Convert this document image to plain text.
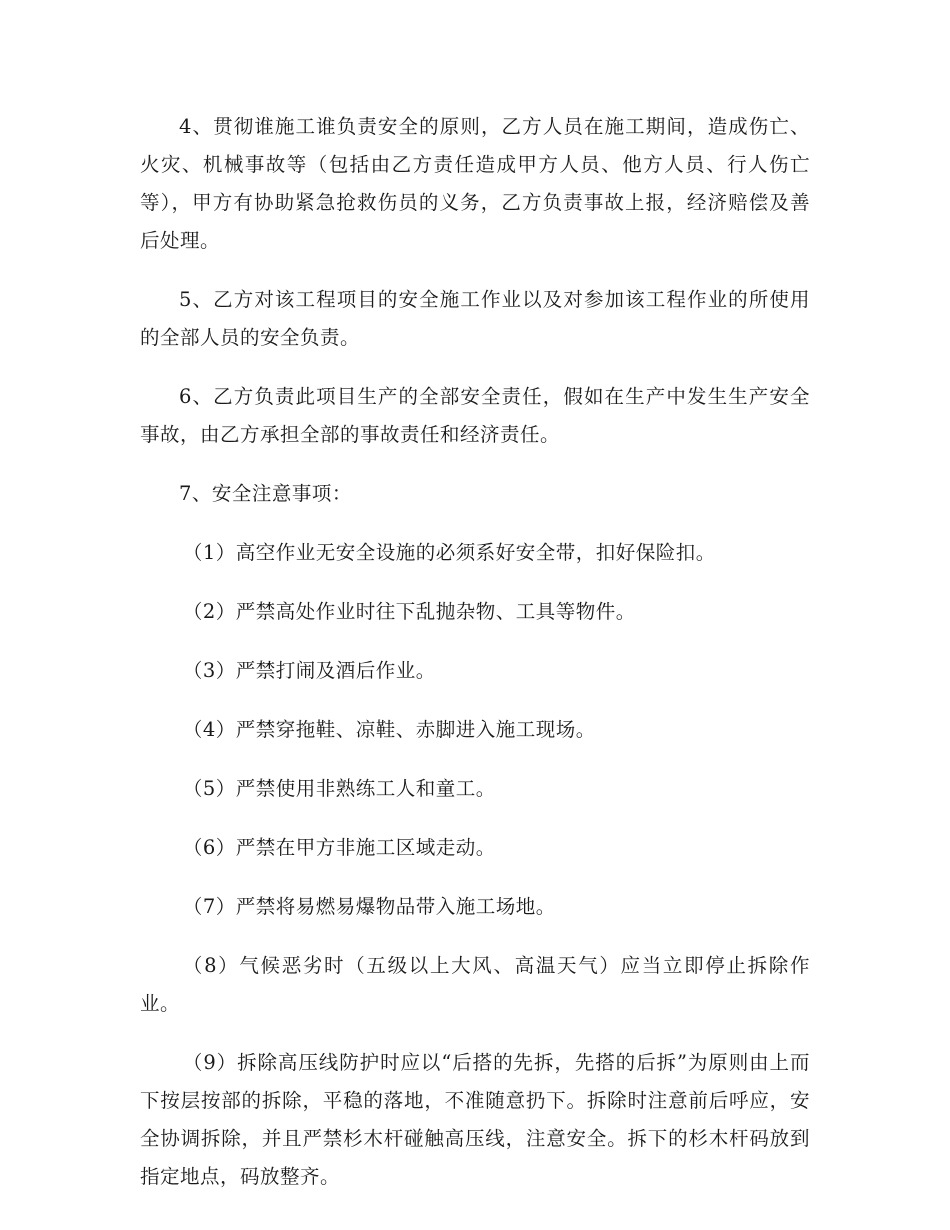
4、贯彻谁施工谁负责安全的原则，乙方人员在施工期间，造成伤亡、火灾、机械事故等（包括由乙方责任造成甲方人员、他方人员、行人伤亡等），甲方有协助紧急抢救伤员的义务，乙方负责事故上报，经济赔偿及善后处理。

5、乙方对该工程项目的安全施工作业以及对参加该工程作业的所使用的全部人员的安全负责。

6、乙方负责此项目生产的全部安全责任，假如在生产中发生生产安全事故，由乙方承担全部的事故责任和经济责任。

7、安全注意事项：

（1）高空作业无安全设施的必须系好安全带，扣好保险扣。

（2）严禁高处作业时往下乱抛杂物、工具等物件。

（3）严禁打闹及酒后作业。

（4）严禁穿拖鞋、凉鞋、赤脚进入施工现场。

（5）严禁使用非熟练工人和童工。

（6）严禁在甲方非施工区域走动。

（7）严禁将易燃易爆物品带入施工场地。

（8）气候恶劣时（五级以上大风、高温天气）应当立即停止拆除作业。

（9）拆除高压线防护时应以“后搭的先拆，先搭的后拆”为原则由上而下按层按部的拆除，平稳的落地，不准随意扔下。拆除时注意前后呼应，安全协调拆除，并且严禁杉木杆碰触高压线，注意安全。拆下的杉木杆码放到指定地点，码放整齐。
